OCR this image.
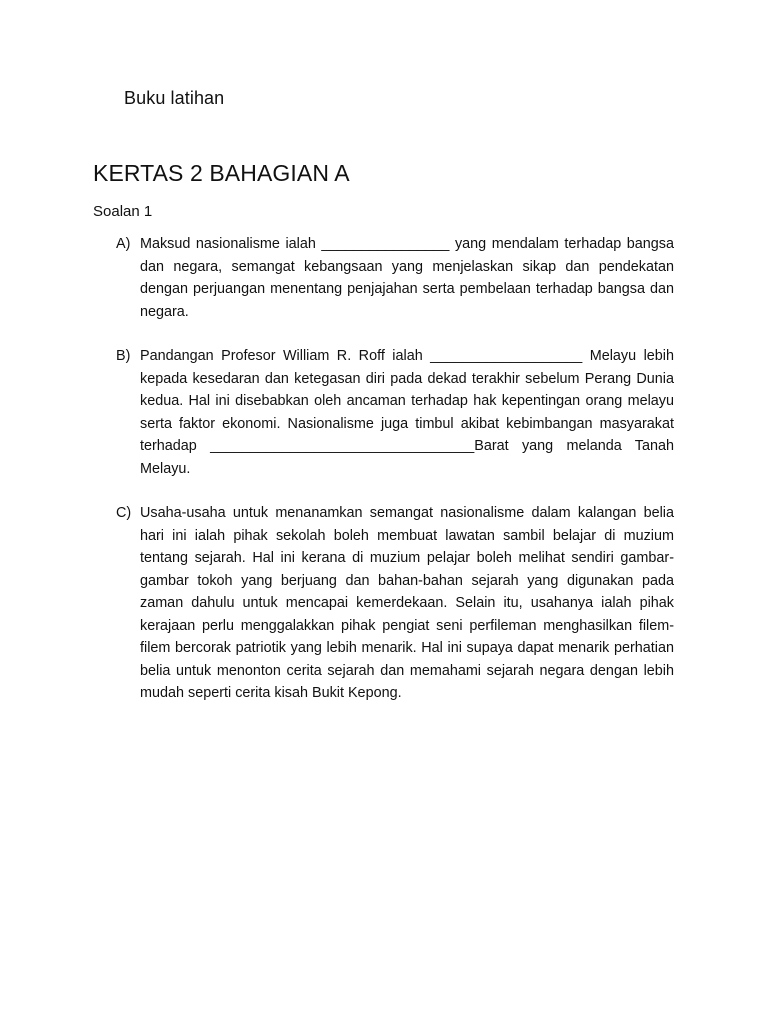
Buku latihan
KERTAS 2 BAHAGIAN A
Soalan 1
A) Maksud nasionalisme ialah ________________ yang mendalam terhadap bangsa dan negara, semangat kebangsaan yang menjelaskan sikap dan pendekatan dengan perjuangan menentang penjajahan serta pembelaan terhadap bangsa dan negara.
B) Pandangan Profesor William R. Roff ialah ___________________ Melayu lebih kepada kesedaran dan ketegasan diri pada dekad terakhir sebelum Perang Dunia kedua. Hal ini disebabkan oleh ancaman terhadap hak kepentingan orang melayu serta faktor ekonomi. Nasionalisme juga timbul akibat kebimbangan masyarakat terhadap _________________________________Barat yang melanda Tanah Melayu.
C) Usaha-usaha untuk menanamkan semangat nasionalisme dalam kalangan belia hari ini ialah pihak sekolah boleh membuat lawatan sambil belajar di muzium tentang sejarah. Hal ini kerana di muzium pelajar boleh melihat sendiri gambar-gambar tokoh yang berjuang dan bahan-bahan sejarah yang digunakan pada zaman dahulu untuk mencapai kemerdekaan. Selain itu, usahanya ialah pihak kerajaan perlu menggalakkan pihak pengiat seni perfileman menghasilkan filem-filem bercorak patriotik yang lebih menarik. Hal ini supaya dapat menarik perhatian belia untuk menonton cerita sejarah dan memahami sejarah negara dengan lebih mudah seperti cerita kisah Bukit Kepong.
